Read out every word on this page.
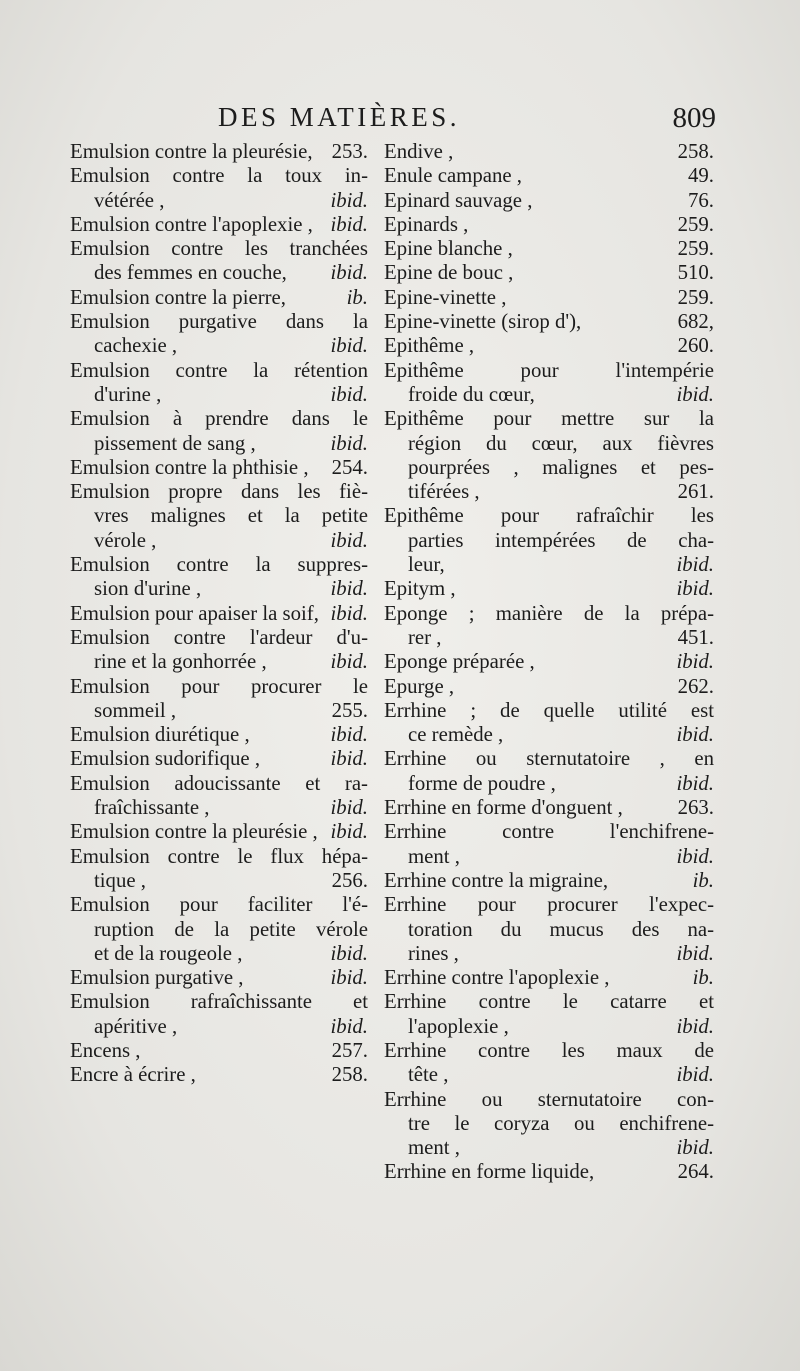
DES MATIÈRES.	809
Emulsion contre la pleurésie, 253.
Emulsion contre la toux in-
vétérée ,	ibid.
Emulsion contre l'apoplexie , ibid.
Emulsion contre les tranchées
des femmes en couche, ibid.
Emulsion contre la pierre,	ib.
Emulsion purgative dans la
cachexie ,	ibid.
Emulsion contre la rétention
d'urine ,	ibid.
Emulsion à prendre dans le
pissement de sang ,	ibid.
Emulsion contre la phthisie , 254.
Emulsion propre dans les fiè-
vres malignes et la petite
vérole ,	ibid.
Emulsion contre la suppres-
sion d'urine ,	ibid.
Emulsion pour apaiser la soif, ibid.
Emulsion contre l'ardeur d'u-
rine et la gonhorrée ,	ibid.
Emulsion pour procurer le
sommeil ,	255.
Emulsion diurétique ,	ibid.
Emulsion sudorifique ,	ibid.
Emulsion adoucissante et ra-
fraîchissante ,	ibid.
Emulsion contre la pleurésie , ibid.
Emulsion contre le flux hépa-
tique ,	256.
Emulsion pour faciliter l'é-
ruption de la petite vérole
et de la rougeole ,	ibid.
Emulsion purgative ,	ibid.
Emulsion rafraîchissante et
apéritive ,	ibid.
Encens ,	257.
Encre à écrire ,	258.
Endive ,	258.
Enule campane ,	49.
Epinard sauvage ,	76.
Epinards ,	259.
Epine blanche ,	259.
Epine de bouc ,	510.
Epine-vinette ,	259.
Epine-vinette (sirop d'),	682,
Epithême ,	260.
Epithême pour l'intempérie
froide du cœur,	ibid.
Epithême pour mettre sur la
région du cœur, aux fièvres
pourprées , malignes et pes-
tiférées ,	261.
Epithême pour rafraîchir les
parties intempérées de cha-
leur,	ibid.
Epitym ,	ibid.
Eponge ; manière de la prépa-
rer ,	451.
Eponge préparée ,	ibid.
Epurge ,	262.
Errhine ; de quelle utilité est
ce remède ,	ibid.
Errhine ou sternutatoire , en
forme de poudre ,	ibid.
Errhine en forme d'onguent ,	263.
Errhine contre l'enchifrene-
ment ,	ibid.
Errhine contre la migraine,	ib.
Errhine pour procurer l'expec-
toration du mucus des na-
rines ,	ibid.
Errhine contre l'apoplexie ,	ib.
Errhine contre le catarre et
l'apoplexie ,	ibid.
Errhine contre les maux de
tête ,	ibid.
Errhine ou sternutatoire con-
tre le coryza ou enchifrene-
ment ,	ibid.
Errhine en forme liquide,	264.
